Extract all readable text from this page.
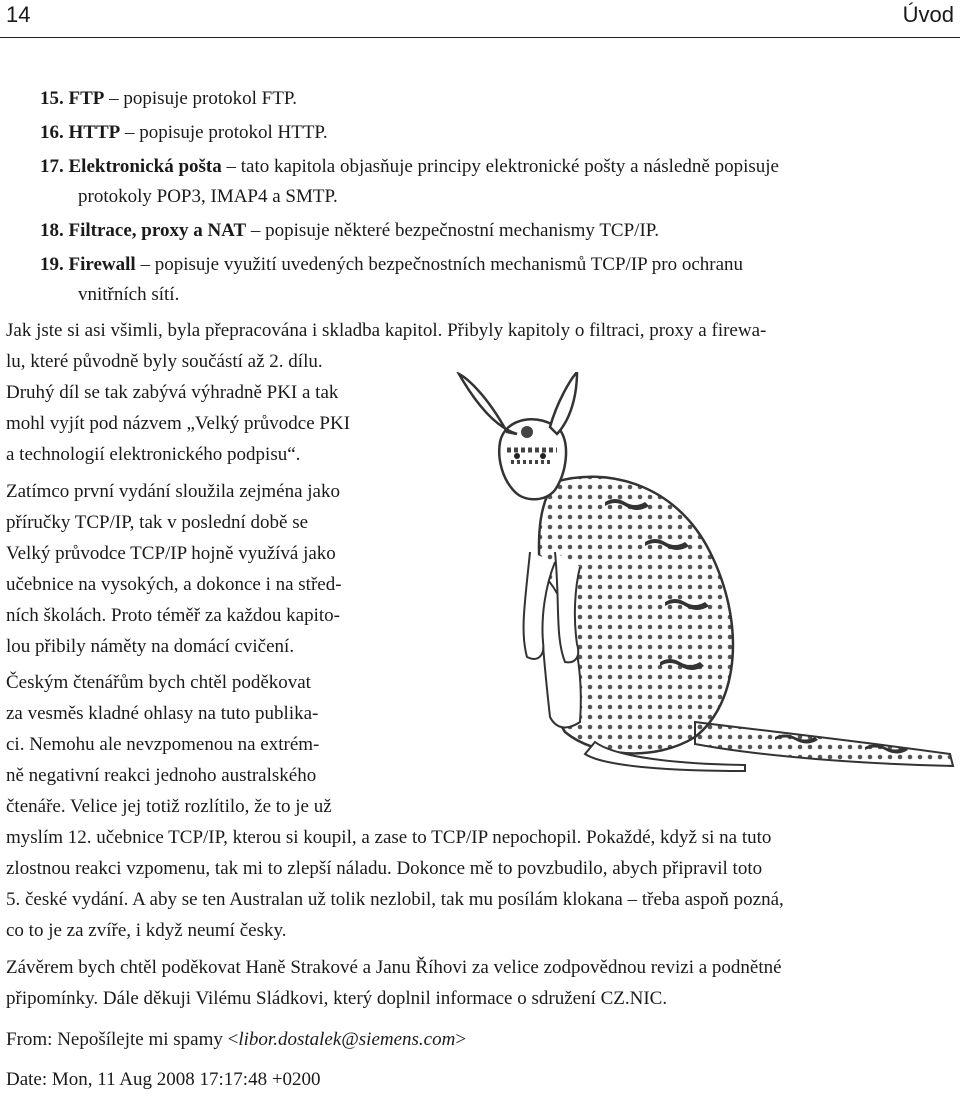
14	Úvod
15. FTP – popisuje protokol FTP.
16. HTTP – popisuje protokol HTTP.
17. Elektronická pošta – tato kapitola objasňuje principy elektronické pošty a následně popisuje
protokoly POP3, IMAP4 a SMTP.
18. Filtrace, proxy a NAT – popisuje některé bezpečnostní mechanismy TCP/IP.
19. Firewall – popisuje využití uvedených bezpečnostních mechanismů TCP/IP pro ochranu
vnitřních sítí.
Jak jste si asi všimli, byla přepracována i skladba kapitol. Přibyly kapitoly o filtraci, proxy a firewa-
lu, které původně byly součástí až 2. dílu.
Druhý díl se tak zabývá výhradně PKI a tak
mohl vyjít pod názvem „Velký průvodce PKI
a technologií elektronického podpisu“.
Zatímco první vydání sloužila zejména jako
příručky TCP/IP, tak v poslední době se
Velký průvodce TCP/IP hojně využívá jako
učebnice na vysokých, a dokonce i na střed-
ních školách. Proto téměř za každou kapito-
lou přibily náměty na domácí cvičení.
Českým čtenářům bych chtěl poděkovat
za vesměs kladné ohlasy na tuto publika-
ci. Nemohu ale nevzpomenou na extrém-
ně negativní reakci jednoho australského
čtenáře. Velice jej totiž rozlítilo, že to je už
myslím 12. učebnice TCP/IP, kterou si koupil, a zase to TCP/IP nepochopil. Pokaždé, když si na tuto
zlostnou reakci vzpomenu, tak mi to zlepší náladu. Dokonce mě to povzbudilo, abych připravil toto
5. české vydání. A aby se ten Australan už tolik nezlobil, tak mu posílám klokana – třeba aspoň pozná,
co to je za zvíře, i když neumí česky.
Závěrem bych chtěl poděkovat Haně Strakové a Janu Říhovi za velice zodpovědnou revizi a podnětné
připomínky. Dále děkuji Vilému Sládkovi, který doplnil informace o sdružení CZ.NIC.
From: Nepošílejte mi spamy <libor.dostalek@siemens.com>
Date: Mon, 11 Aug 2008 17:17:48 +0200
